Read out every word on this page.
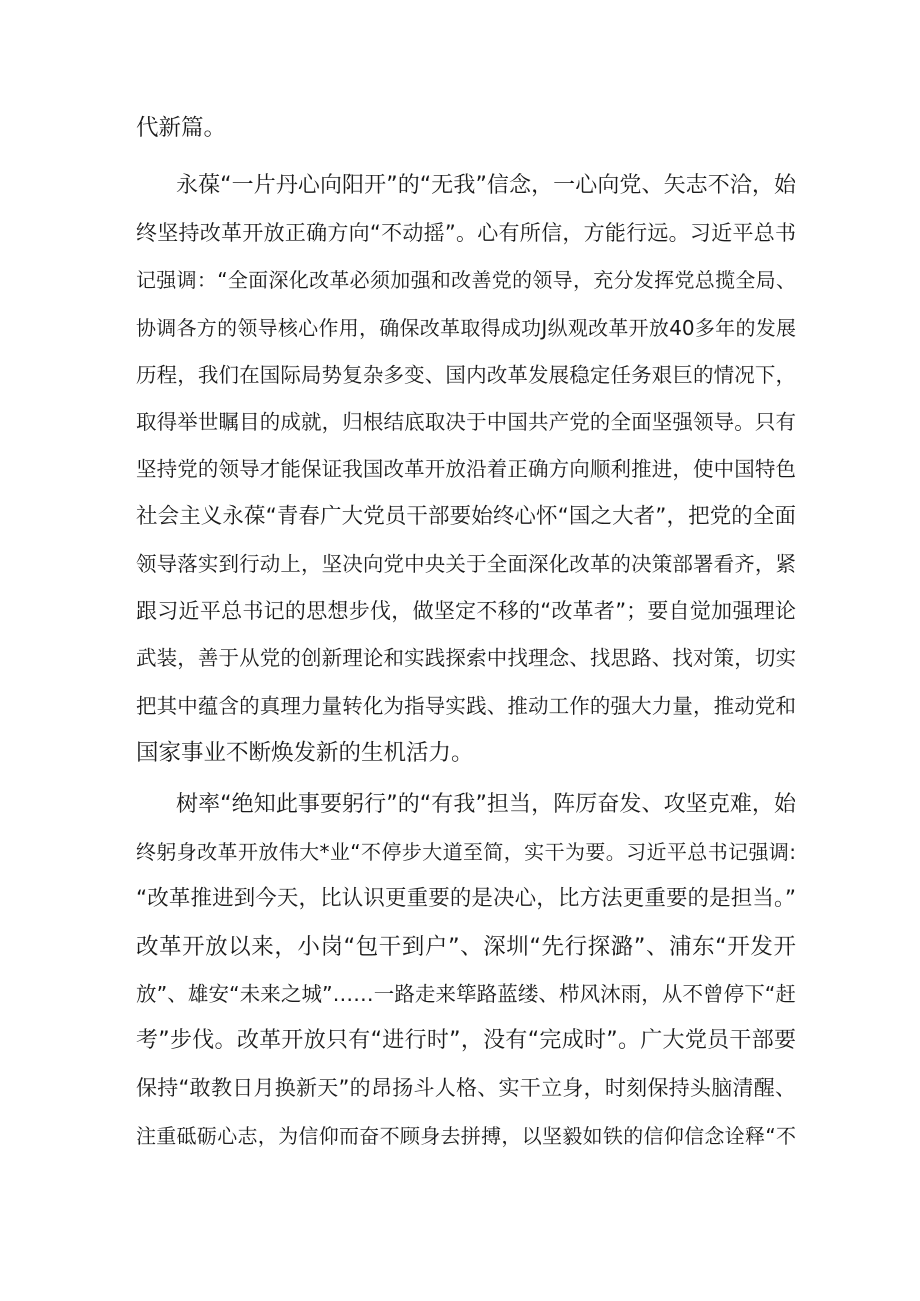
代新篇。
永葆“一片丹心向阳开”的“无我”信念，一心向党、矢志不洽，始
终坚持改革开放正确方向“不动摇”。心有所信，方能行远。习近平总书
记强调：“全面深化改革必须加强和改善党的领导，充分发挥党总揽全局、
协调各方的领导核心作用，确保改革取得成功J纵观改革开放40多年的发展
历程，我们在国际局势复杂多变、国内改革发展稳定任务艰巨的情况下，
取得举世瞩目的成就，归根结底取决于中国共产党的全面坚强领导。只有
坚持党的领导才能保证我国改革开放沿着正确方向顺利推进，使中国特色
社会主义永葆“青春广大党员干部要始终心怀“国之大者”，把党的全面
领导落实到行动上，坚决向党中央关于全面深化改革的决策部署看齐，紧
跟习近平总书记的思想步伐，做坚定不移的“改革者”；要自觉加强理论
武装，善于从党的创新理论和实践探索中找理念、找思路、找对策，切实
把其中蕴含的真理力量转化为指导实践、推动工作的强大力量，推动党和
国家事业不断焕发新的生机活力。
树率“绝知此事要躬行”的“有我”担当，阵厉奋发、攻坚克难，始
终躬身改革开放伟大*业“不停步大道至简，实干为要。习近平总书记强调:
“改革推进到今天，比认识更重要的是决心，比方法更重要的是担当。”
改革开放以来，小岗“包干到户”、深圳“先行探潞”、浦东“开发开
放”、雄安“未来之城”……一路走来筚路蓝缕、栉风沐雨，从不曾停下“赶
考”步伐。改革开放只有“进行时”，没有“完成时”。广大党员干部要
保持“敢教日月换新天”的昂扬斗人格、实干立身，时刻保持头脑清醒、
注重砥砺心志，为信仰而奋不顾身去拼搏，以坚毅如铁的信仰信念诠释“不
